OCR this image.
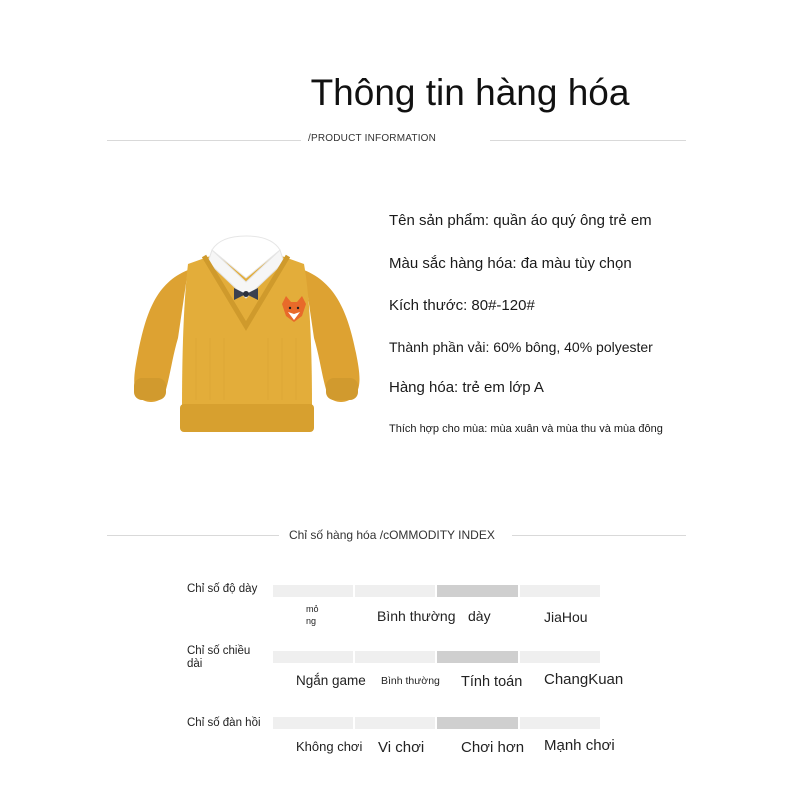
Thông tin hàng hóa
/PRODUCT INFORMATION
Tên sản phẩm: quần áo quý ông trẻ em
Màu sắc hàng hóa: đa màu tùy chọn
Kích thước: 80#-120#
Thành phần vải: 60% bông, 40% polyester
Hàng hóa: trẻ em lớp A
Thích hợp cho mùa: mùa xuân và mùa thu và mùa đông
Chỉ số hàng hóa /cOMMODITY INDEX
Chỉ số độ dày
mỏ
ng	Bình thường dày	JiaHou
Chỉ số chiều dài
Ngắn game Bình thường Tính toán ChangKuan
Chỉ số đàn hồi
Không chơi Vi chơi Chơi hơn Mạnh chơi
